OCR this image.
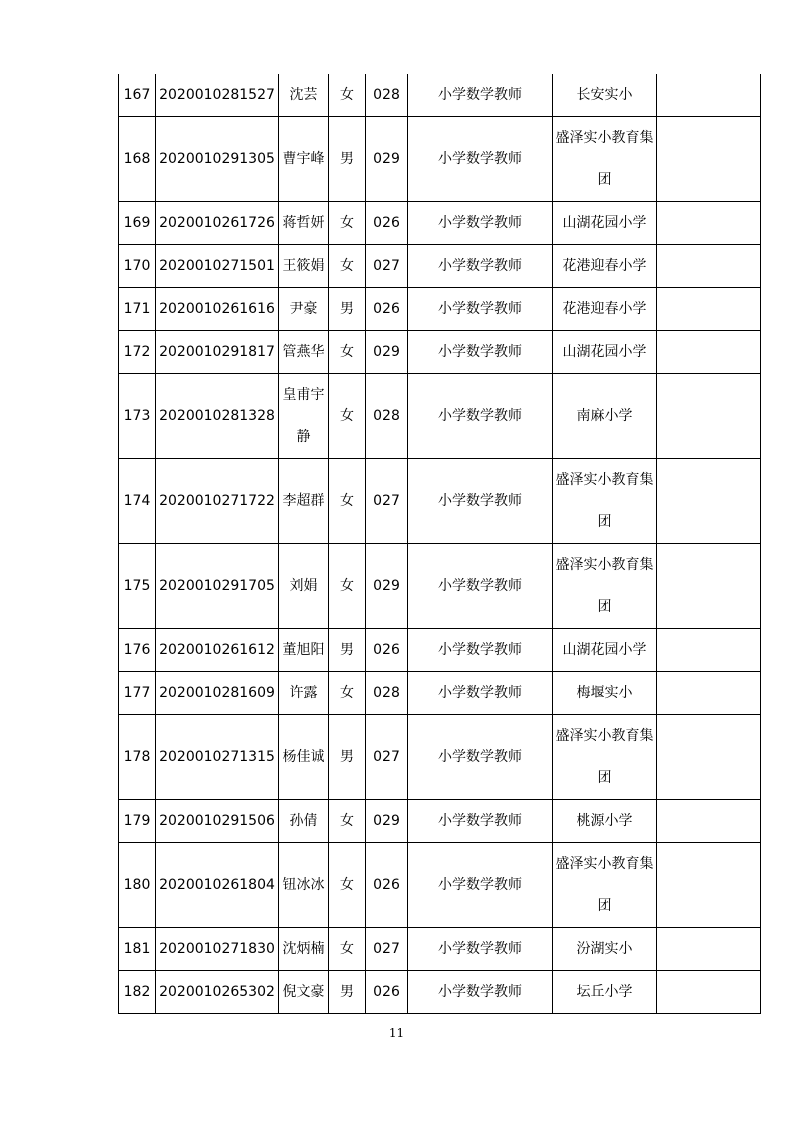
167	2020010281527	沈芸	女	028	小学数学教师	长安实小	
168	2020010291305	曹宇峰	男	029	小学数学教师	盛泽实小教育集团	
169	2020010261726	蒋哲妍	女	026	小学数学教师	山湖花园小学	
170	2020010271501	王筱娟	女	027	小学数学教师	花港迎春小学	
171	2020010261616	尹豪	男	026	小学数学教师	花港迎春小学	
172	2020010291817	管燕华	女	029	小学数学教师	山湖花园小学	
173	2020010281328	皇甫宇静	女	028	小学数学教师	南麻小学	
174	2020010271722	李超群	女	027	小学数学教师	盛泽实小教育集团	
175	2020010291705	刘娟	女	029	小学数学教师	盛泽实小教育集团	
176	2020010261612	董旭阳	男	026	小学数学教师	山湖花园小学	
177	2020010281609	许露	女	028	小学数学教师	梅堰实小	
178	2020010271315	杨佳诚	男	027	小学数学教师	盛泽实小教育集团	
179	2020010291506	孙倩	女	029	小学数学教师	桃源小学	
180	2020010261804	钮冰冰	女	026	小学数学教师	盛泽实小教育集团	
181	2020010271830	沈炳楠	女	027	小学数学教师	汾湖实小	
182	2020010265302	倪文豪	男	026	小学数学教师	坛丘小学	
11
